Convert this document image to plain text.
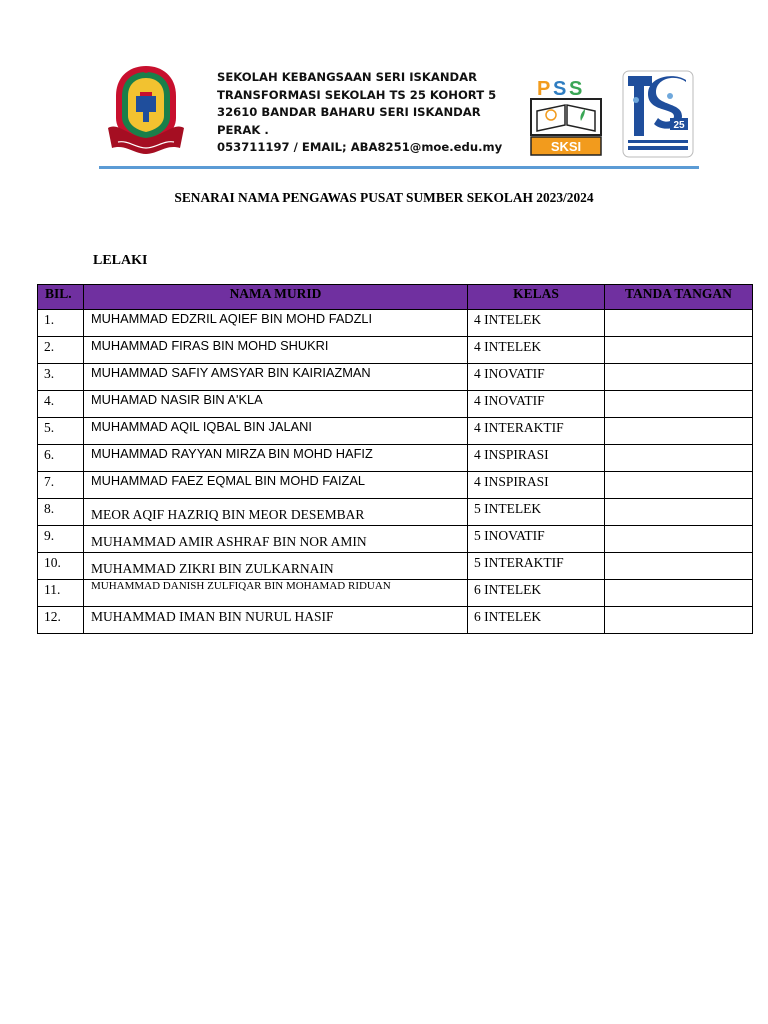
SEKOLAH KEBANGSAAN SERI ISKANDAR
TRANSFORMASI SEKOLAH TS 25 KOHORT 5
32610 BANDAR BAHARU SERI ISKANDAR
PERAK .
053711197 / EMAIL; ABA8251@moe.edu.my
P S S
SKSI
25
SENARAI NAMA PENGAWAS PUSAT SUMBER SEKOLAH 2023/2024
LELAKI
BIL.	NAMA MURID	KELAS	TANDA TANGAN
1.	MUHAMMAD EDZRIL AQIEF BIN MOHD FADZLI	4 INTELEK	
2.	MUHAMMAD FIRAS BIN MOHD SHUKRI	4 INTELEK	
3.	MUHAMMAD SAFIY AMSYAR BIN KAIRIAZMAN	4 INOVATIF	
4.	MUHAMAD NASIR BIN A'KLA	4 INOVATIF	
5.	MUHAMMAD AQIL IQBAL BIN JALANI	4 INTERAKTIF	
6.	MUHAMMAD RAYYAN MIRZA BIN MOHD HAFIZ	4 INSPIRASI	
7.	MUHAMMAD FAEZ EQMAL BIN MOHD FAIZAL	4 INSPIRASI	
8.	MEOR AQIF HAZRIQ BIN MEOR DESEMBAR	5 INTELEK	
9.	MUHAMMAD AMIR ASHRAF BIN NOR AMIN	5 INOVATIF	
10.	MUHAMMAD ZIKRI BIN ZULKARNAIN	5 INTERAKTIF	
11.	MUHAMMAD DANISH ZULFIQAR BIN MOHAMAD RIDUAN	6 INTELEK	
12.	MUHAMMAD IMAN BIN NURUL HASIF	6 INTELEK	
